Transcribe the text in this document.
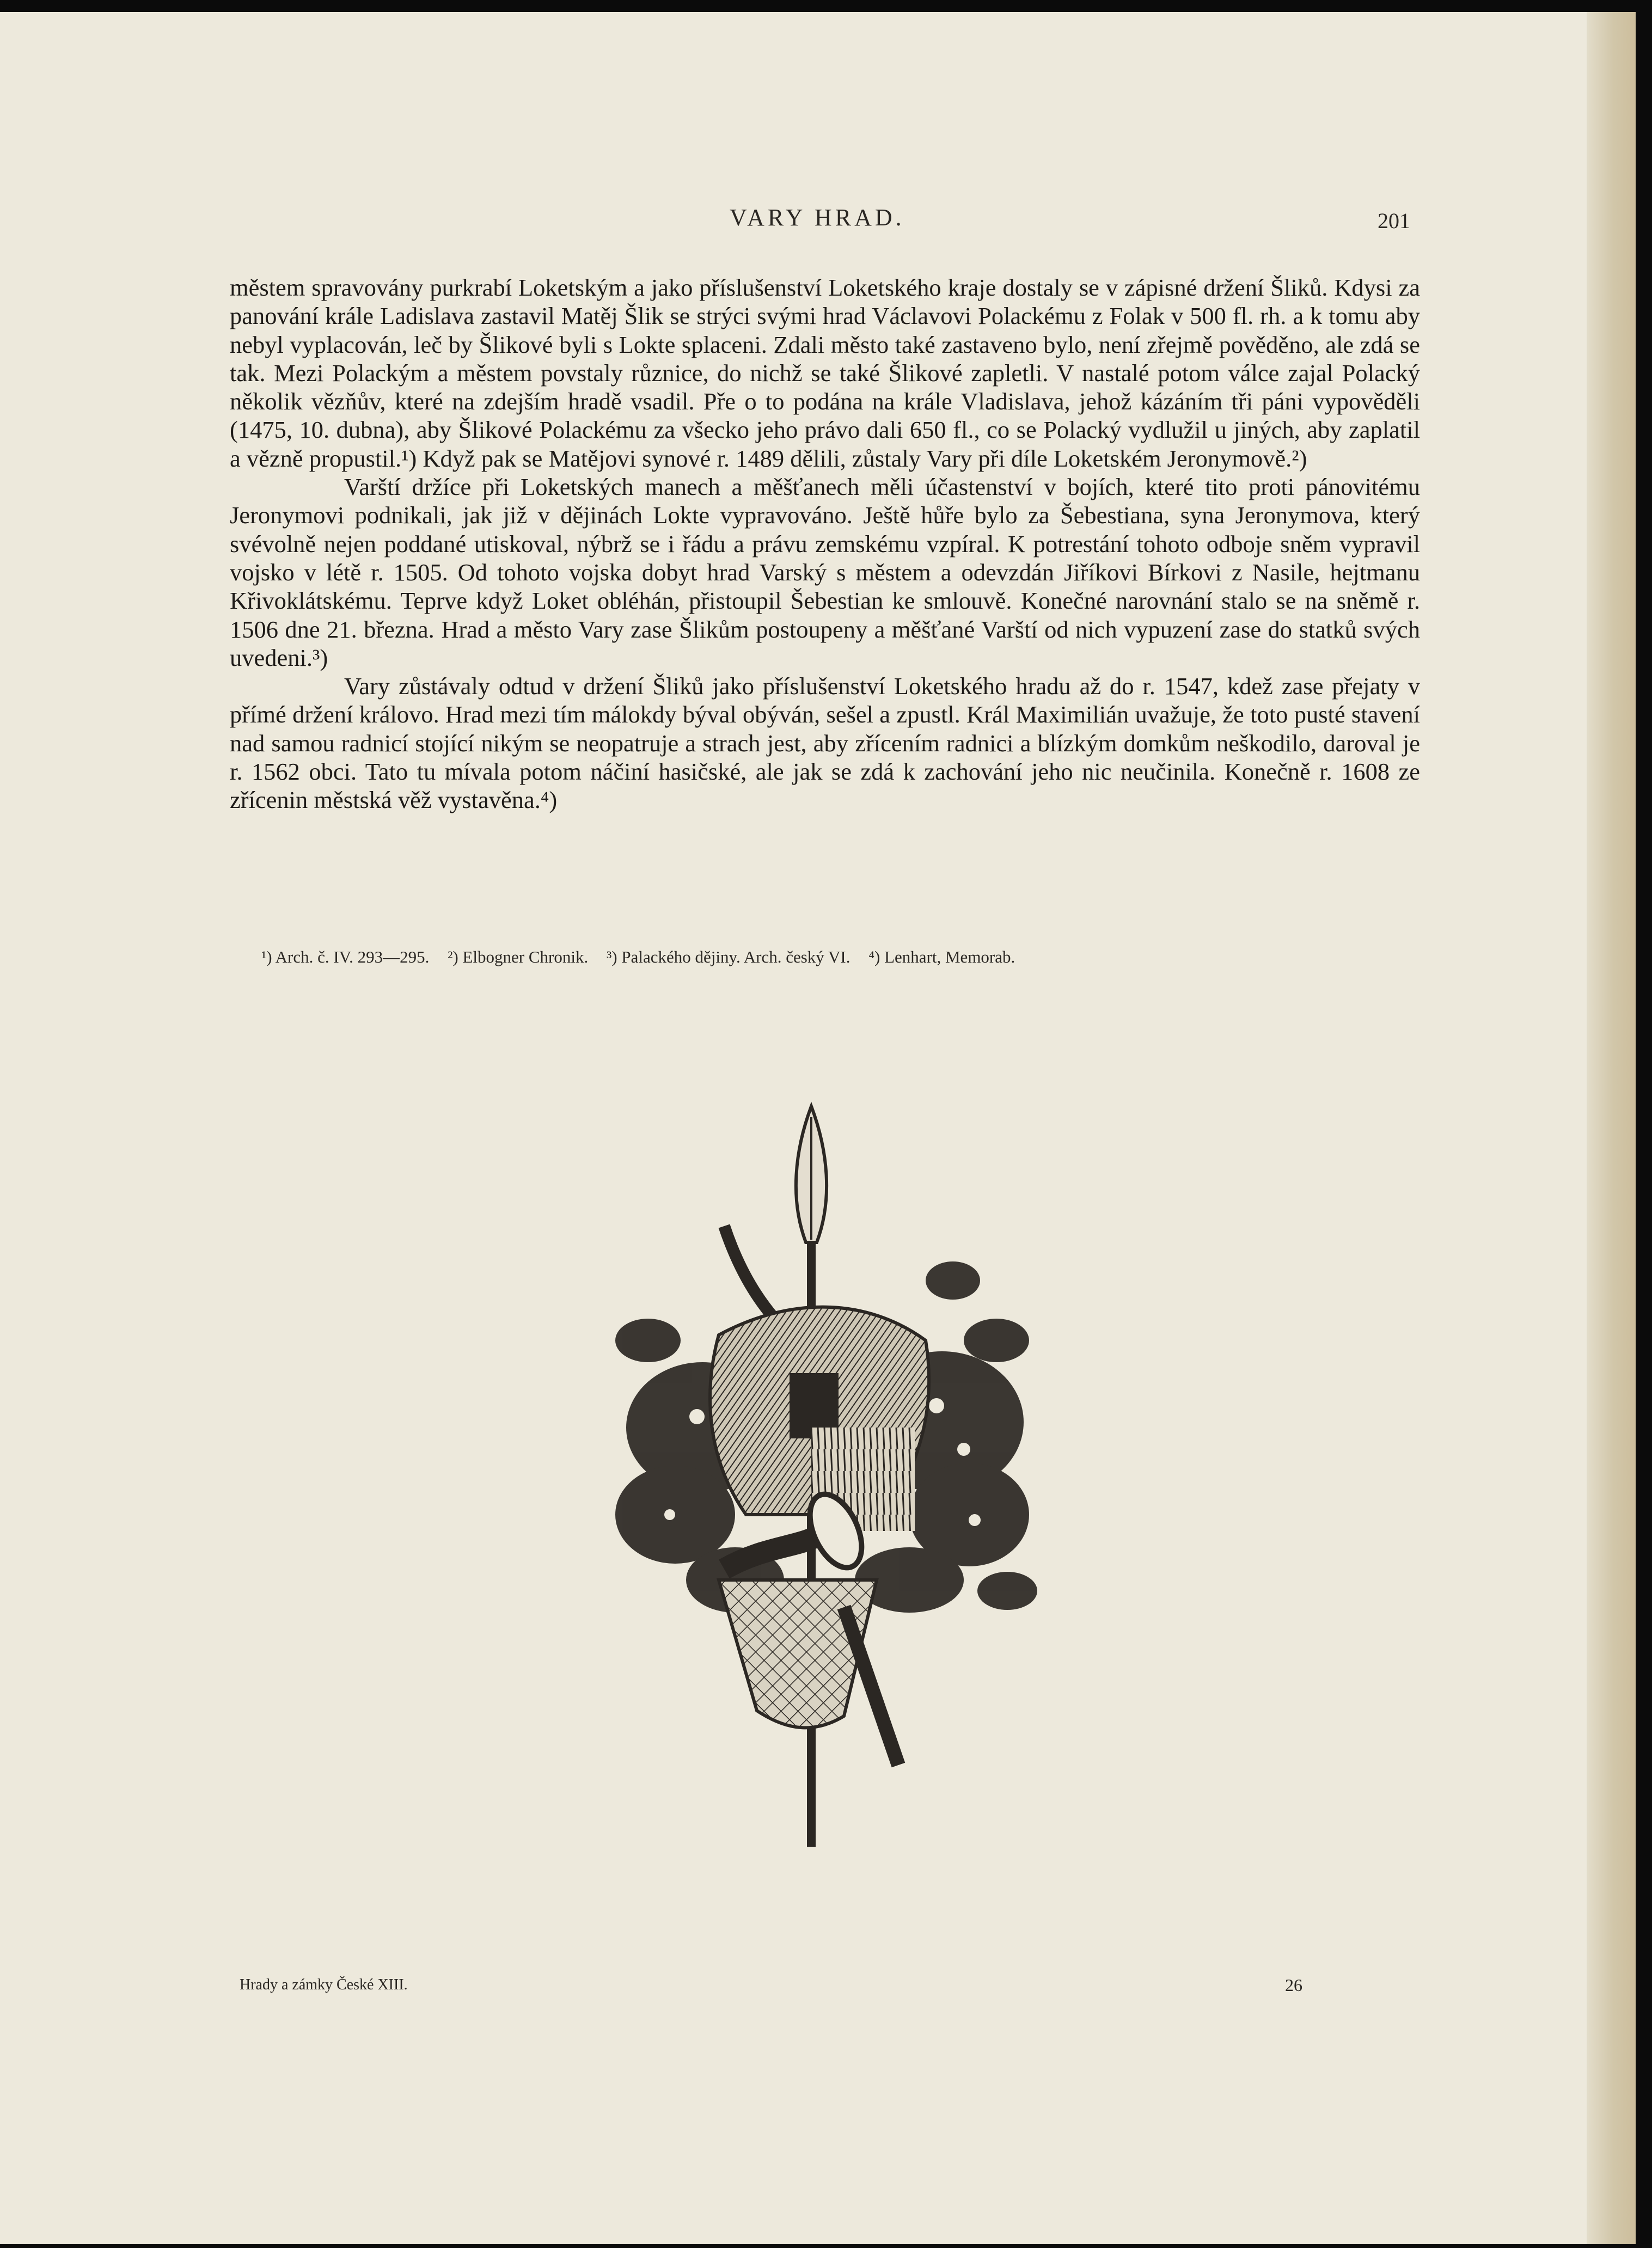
VARY HRAD.	201

městem spravovány purkrabí Loketským a jako příslušenství Loketského kraje dostaly se v zápisné držení Šliků. Kdysi za panování krále Ladislava zastavil Matěj Šlik se strýci svými hrad Václavovi Polackému z Folak v 500 fl. rh. a k tomu aby nebyl vyplacován, leč by Šlikové byli s Lokte splaceni. Zdali město také zastaveno bylo, není zřejmě pověděno, ale zdá se tak. Mezi Polackým a městem povstaly různice, do nichž se také Šlikové zapletli. V nastalé potom válce zajal Polacký několik vězňův, které na zdejším hradě vsadil. Pře o to podána na krále Vladislava, jehož kázáním tři páni vypověděli (1475, 10. dubna), aby Šlikové Polackému za všecko jeho právo dali 650 fl., co se Polacký vydlužil u jiných, aby zaplatil a vězně propustil.¹) Když pak se Matějovi synové r. 1489 dělili, zůstaly Vary při díle Loketském Jeronymově.²)

Varští držíce při Loketských manech a měšťanech měli účastenství v bojích, které tito proti pánovitému Jeronymovi podnikali, jak již v dějinách Lokte vypravováno. Ještě hůře bylo za Šebestiana, syna Jeronymova, který svévolně nejen poddané utiskoval, nýbrž se i řádu a právu zemskému vzpíral. K potrestání tohoto odboje sněm vypravil vojsko v létě r. 1505. Od tohoto vojska dobyt hrad Varský s městem a odevzdán Jiříkovi Bírkovi z Nasile, hejtmanu Křivoklátskému. Teprve když Loket obléhán, přistoupil Šebestian ke smlouvě. Konečné narovnání stalo se na sněmě r. 1506 dne 21. března. Hrad a město Vary zase Šlikům postoupeny a měšťané Varští od nich vypuzení zase do statků svých uvedeni.³)

Vary zůstávaly odtud v držení Šliků jako příslušenství Loketského hradu až do r. 1547, kdež zase přejaty v přímé držení královo. Hrad mezi tím málokdy býval obýván, sešel a zpustl. Král Maximilián uvažuje, že toto pusté stavení nad samou radnicí stojící nikým se neopatruje a strach jest, aby zřícením radnici a blízkým domkům neškodilo, daroval je r. 1562 obci. Tato tu mívala potom náčiní hasičské, ale jak se zdá k zachování jeho nic neučinila. Konečně r. 1608 ze zřícenin městská věž vystavěna.⁴)

¹) Arch. č. IV. 293—295. ²) Elbogner Chronik. ³) Palackého dějiny. Arch. český VI. ⁴) Lenhart, Memorab.
Hrady a zámky České XIII.	26
